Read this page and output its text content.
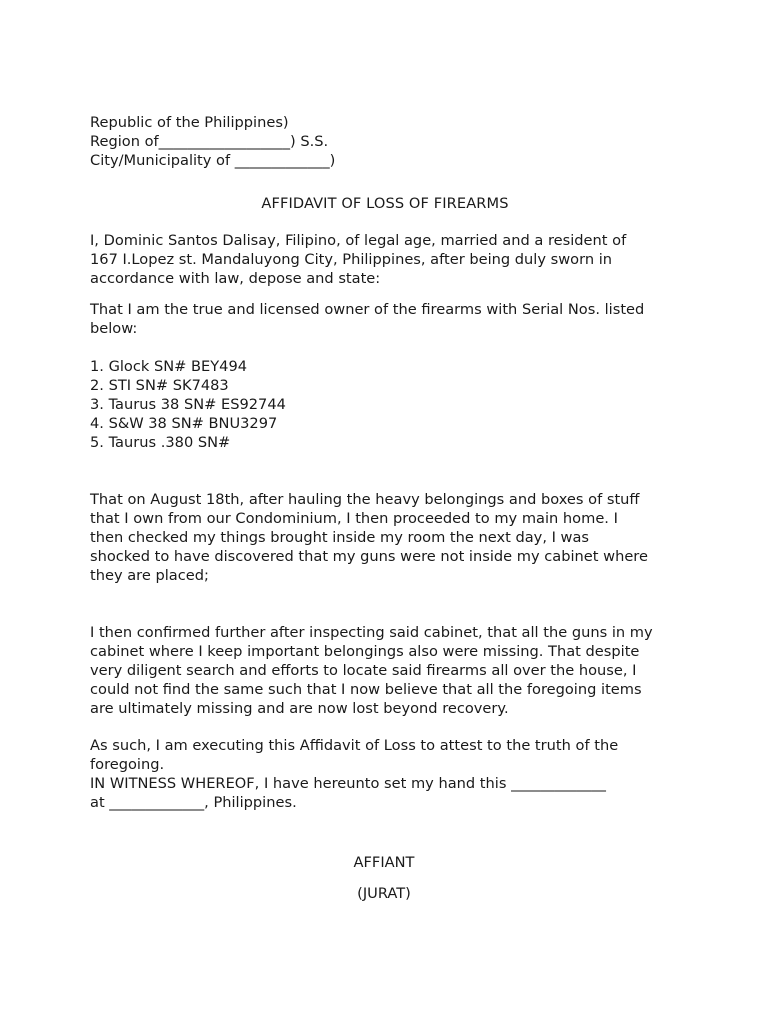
Republic of the Philippines)
Region of__________________) S.S.
City/Municipality of _____________)
AFFIDAVIT OF LOSS OF FIREARMS
I, Dominic Santos Dalisay, Filipino, of legal age, married and a resident of
167 I.Lopez st. Mandaluyong City, Philippines, after being duly sworn in
accordance with law, depose and state:
That I am the true and licensed owner of the firearms with Serial Nos. listed
below:
1. Glock SN# BEY494
2. STI SN# SK7483
3. Taurus 38 SN# ES92744
4. S&W 38 SN# BNU3297
5. Taurus .380 SN#
That on August 18th, after hauling the heavy belongings and boxes of stuff
that I own from our Condominium, I then proceeded to my main home. I
then checked my things brought inside my room the next day, I was
shocked to have discovered that my guns were not inside my cabinet where
they are placed;
I then confirmed further after inspecting said cabinet, that all the guns in my
cabinet where I keep important belongings also were missing. That despite
very diligent search and efforts to locate said firearms all over the house, I
could not find the same such that I now believe that all the foregoing items
are ultimately missing and are now lost beyond recovery.
As such, I am executing this Affidavit of Loss to attest to the truth of the
foregoing.
IN WITNESS WHEREOF, I have hereunto set my hand this _____________
at _____________, Philippines.
AFFIANT
(JURAT)
